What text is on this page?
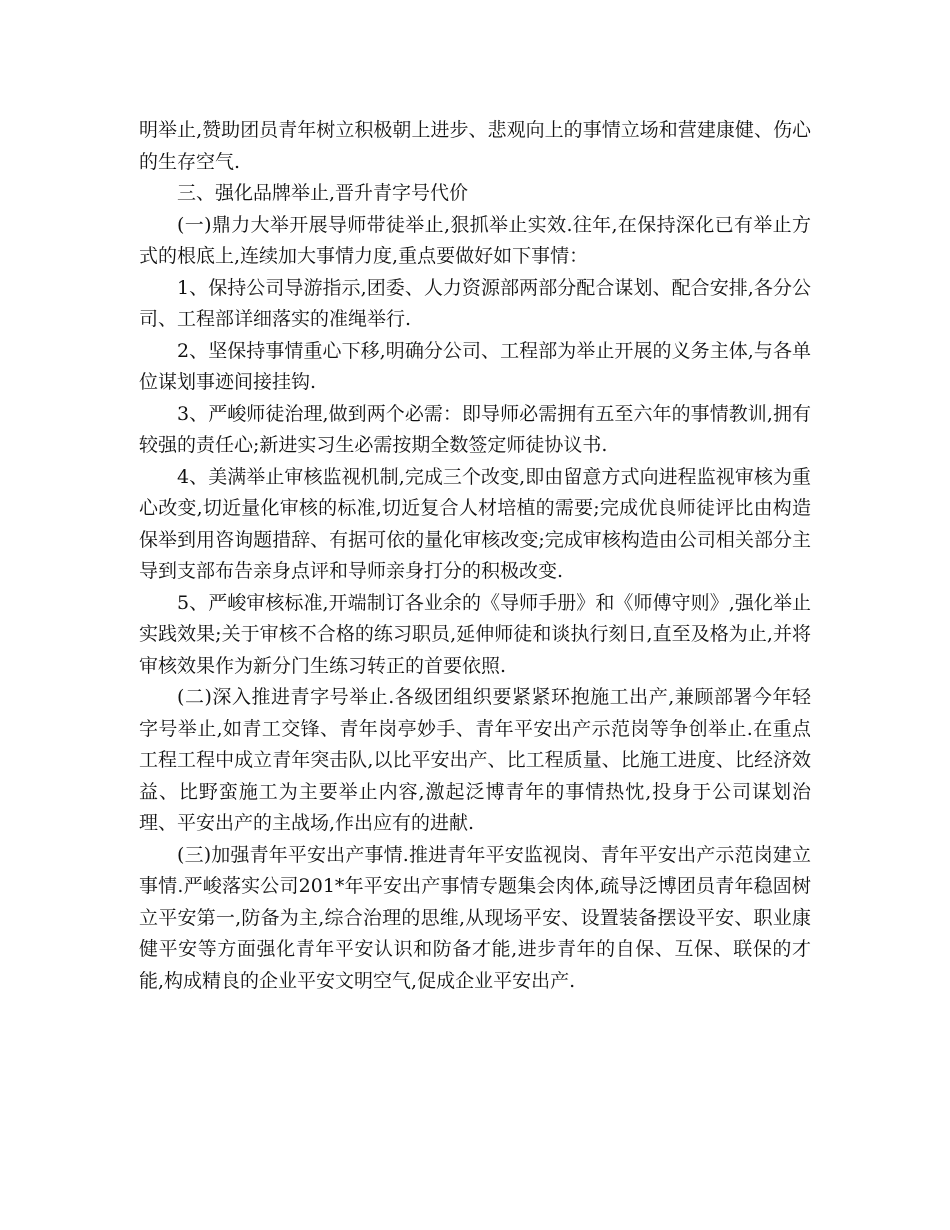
明举止,赞助团员青年树立积极朝上进步、悲观向上的事情立场和营建康健、伤心的生存空气.

三、强化品牌举止,晋升青字号代价

(一)鼎力大举开展导师带徒举止,狠抓举止实效.往年,在保持深化已有举止方式的根底上,连续加大事情力度,重点要做好如下事情：

1、保持公司导游指示,团委、人力资源部两部分配合谋划、配合安排,各分公司、工程部详细落实的准绳举行.

2、坚保持事情重心下移,明确分公司、工程部为举止开展的义务主体,与各单位谋划事迹间接挂钩.

3、严峻师徒治理,做到两个必需：即导师必需拥有五至六年的事情教训,拥有较强的责任心;新进实习生必需按期全数签定师徒协议书.

4、美满举止审核监视机制,完成三个改变,即由留意方式向进程监视审核为重心改变,切近量化审核的标准,切近复合人材培植的需要;完成优良师徒评比由构造保举到用咨询题措辞、有据可依的量化审核改变;完成审核构造由公司相关部分主导到支部布告亲身点评和导师亲身打分的积极改变.

5、严峻审核标准,开端制订各业余的《导师手册》和《师傅守则》,强化举止实践效果;关于审核不合格的练习职员,延伸师徒和谈执行刻日,直至及格为止,并将审核效果作为新分门生练习转正的首要依照.

(二)深入推进青字号举止.各级团组织要紧紧环抱施工出产,兼顾部署今年轻字号举止,如青工交锋、青年岗亭妙手、青年平安出产示范岗等争创举止.在重点工程工程中成立青年突击队,以比平安出产、比工程质量、比施工进度、比经济效益、比野蛮施工为主要举止内容,激起泛博青年的事情热忱,投身于公司谋划治理、平安出产的主战场,作出应有的进献.

(三)加强青年平安出产事情.推进青年平安监视岗、青年平安出产示范岗建立事情.严峻落实公司201*年平安出产事情专题集会肉体,疏导泛博团员青年稳固树立平安第一,防备为主,综合治理的思维,从现场平安、设置装备摆设平安、职业康健平安等方面强化青年平安认识和防备才能,进步青年的自保、互保、联保的才能,构成精良的企业平安文明空气,促成企业平安出产.
